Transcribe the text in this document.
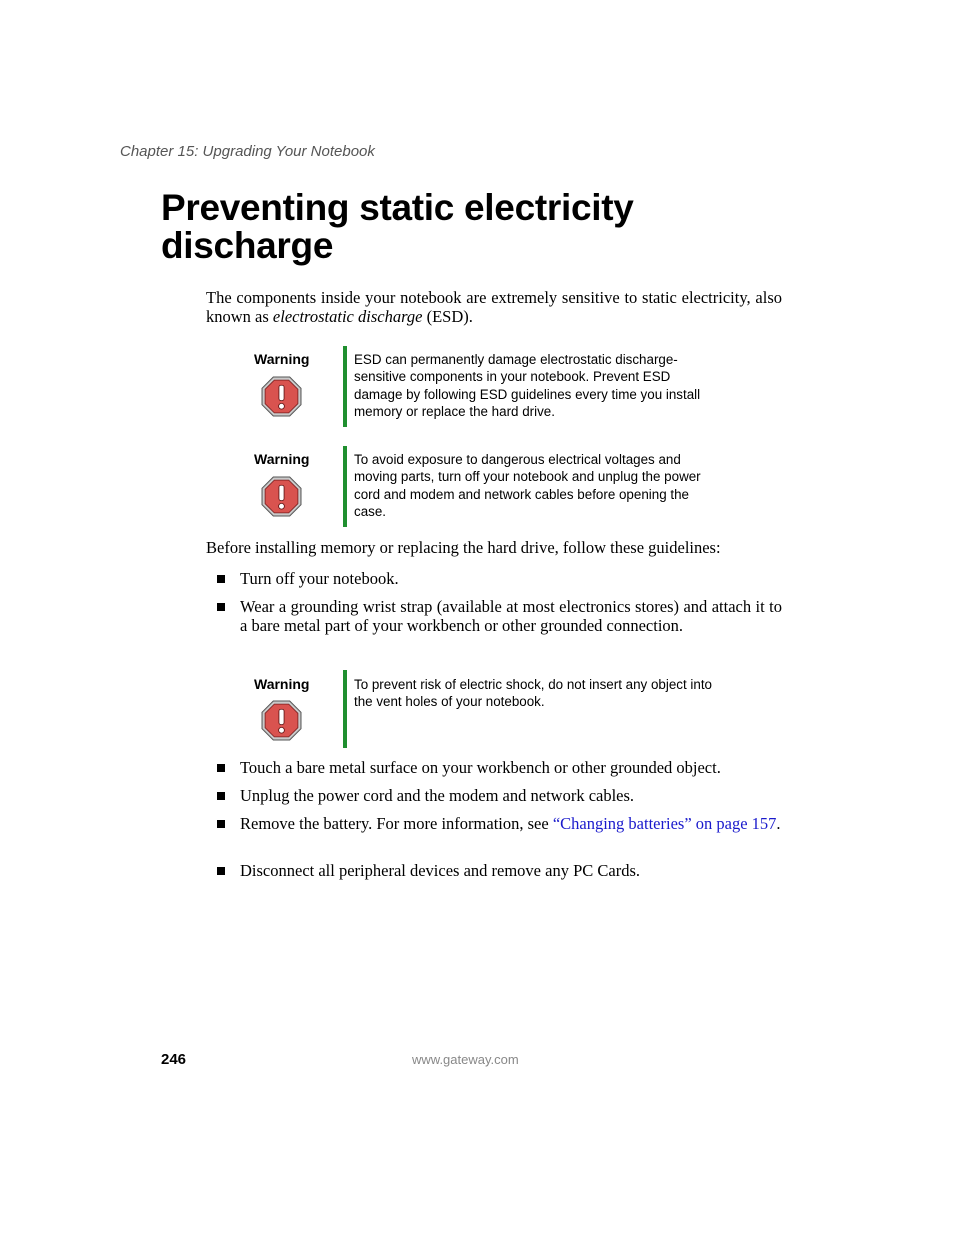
Chapter 15: Upgrading Your Notebook
Preventing static electricity discharge

The components inside your notebook are extremely sensitive to static electricity, also known as electrostatic discharge (ESD).

Warning	ESD can permanently damage electrostatic discharge-sensitive components in your notebook. Prevent ESD damage by following ESD guidelines every time you install memory or replace the hard drive.

Warning	To avoid exposure to dangerous electrical voltages and moving parts, turn off your notebook and unplug the power cord and modem and network cables before opening the case.

Before installing memory or replacing the hard drive, follow these guidelines:

Turn off your notebook.
Wear a grounding wrist strap (available at most electronics stores) and attach it to a bare metal part of your workbench or other grounded connection.
Warning	To prevent risk of electric shock, do not insert any object into the vent holes of your notebook.

Touch a bare metal surface on your workbench or other grounded object.
Unplug the power cord and the modem and network cables.
Remove the battery. For more information, see “Changing batteries” on page 157.
Disconnect all peripheral devices and remove any PC Cards.
246	www.gateway.com
